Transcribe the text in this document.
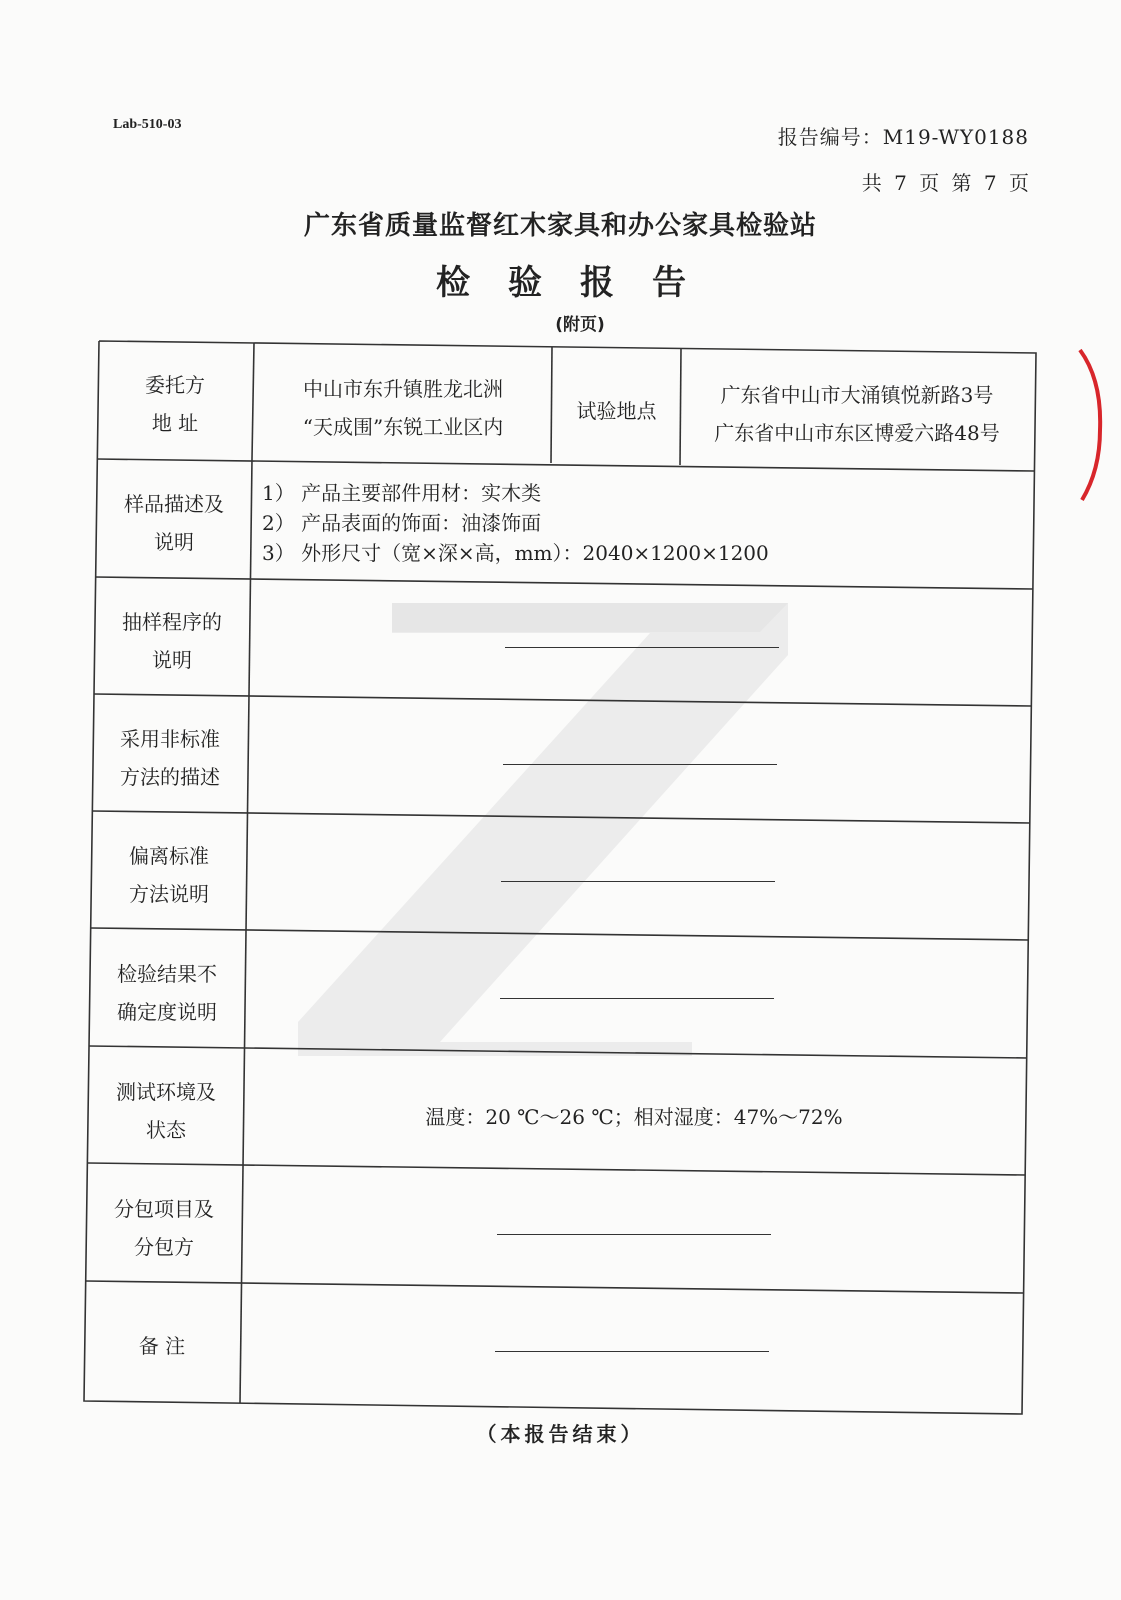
Lab-510-03
报告编号：M19-WY0188
共 7 页 第 7 页
广东省质量监督红木家具和办公家具检验站
检验报告
(附页)
委托方
地 址
中山市东升镇胜龙北洲
“天成围”东锐工业区内
试验地点
广东省中山市大涌镇悦新路3号
广东省中山市东区博爱六路48号
样品描述及
说明
1） 产品主要部件用材：实木类
2） 产品表面的饰面：油漆饰面
3） 外形尺寸（宽×深×高，mm）：2040×1200×1200
抽样程序的
说明
采用非标准
方法的描述
偏离标准
方法说明
检验结果不
确定度说明
测试环境及
状态
温度：20 ℃～26 ℃；相对湿度：47%～72%
分包项目及
分包方
备 注
（本报告结束）
